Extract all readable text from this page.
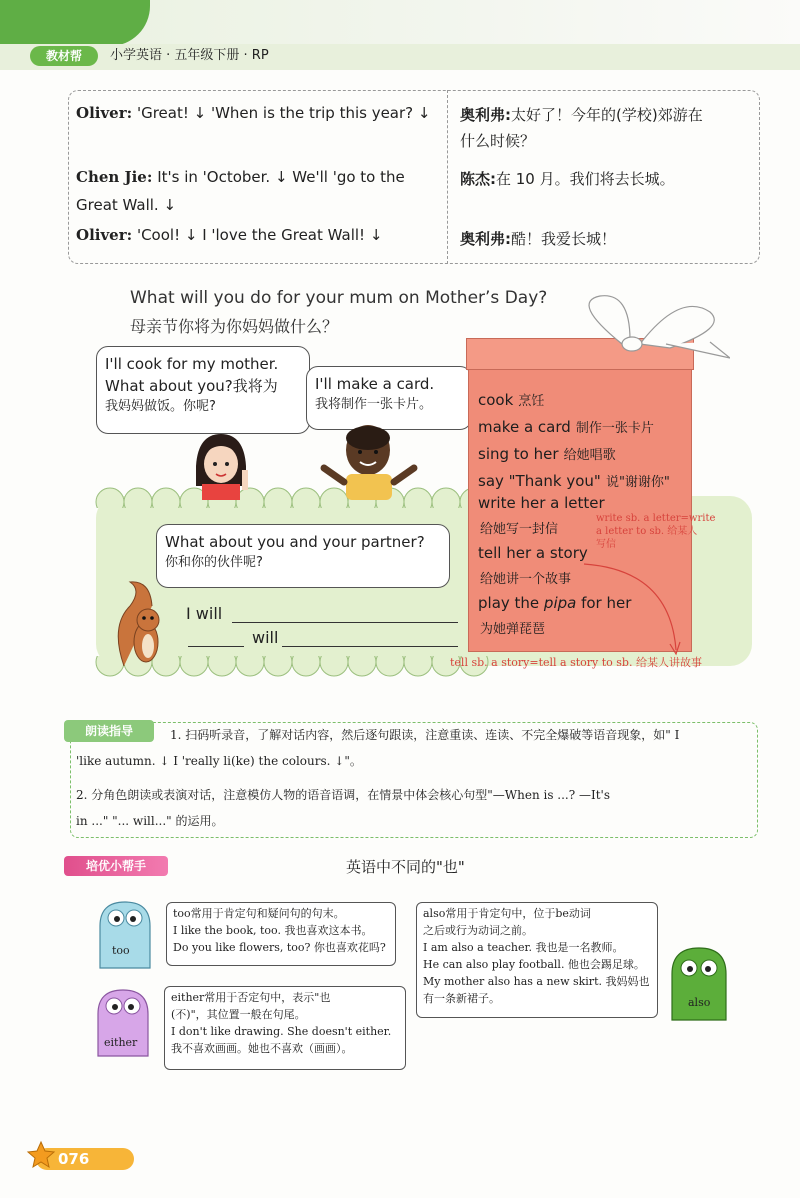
教材帮	小学英语 · 五年级下册 · RP
Oliver: 'Great! ↓ 'When is the trip this year? ↓ 奥利弗:太好了！今年的(学校)郊游在
什么时候？
Chen Jie: It's in 'October. ↓ We'll 'go to the
Great Wall. ↓
陈杰:在 10 月。我们将去长城。
Oliver: 'Cool! ↓ I 'love the Great Wall! ↓	奥利弗:酷！我爱长城！
What will you do for your mum on Mother’s Day?
母亲节你将为你妈妈做什么？
I'll cook for my mother.
What about you?我将为
我妈妈做饭。你呢?
I'll make a card.
我将制作一张卡片。	cook 烹饪
make a card 制作一张卡片
sing to her 给她唱歌
say "Thank you" 说"谢谢你"
write her a letter
给她写一封信
tell her a story
给她讲一个故事
play the pipa for her
为她弹琵琶
write sb. a letter=write
a letter to sb. 给某人
写信
tell sb. a story=tell a story to sb. 给某人讲故事
What about you and your partner?
你和你的伙伴呢?
I will
will
朗读指导	1. 扫码听录音，了解对话内容，然后逐句跟读，注意重读、连读、不完全爆破等语音现象，如" I
'like autumn. ↓ I 'really li(ke) the colours. ↓"。
2. 分角色朗读或表演对话，注意模仿人物的语音语调，在情景中体会核心句型"—When is ...? —It's
in ..." "... will..." 的运用。
培优小帮手	英语中不同的"也"
too
too常用于肯定句和疑问句的句末。
I like the book, too. 我也喜欢这本书。
Do you like flowers, too? 你也喜欢花吗?
either
either常用于否定句中，表示"也
(不)"，其位置一般在句尾。
I don't like drawing. She doesn't either.
我不喜欢画画。她也不喜欢（画画）。
also常用于肯定句中，位于be动词
之后或行为动词之前。
I am also a teacher. 我也是一名教师。
He can also play football. 他也会踢足球。
My mother also has a new skirt. 我妈妈也
有一条新裙子。	also
076
